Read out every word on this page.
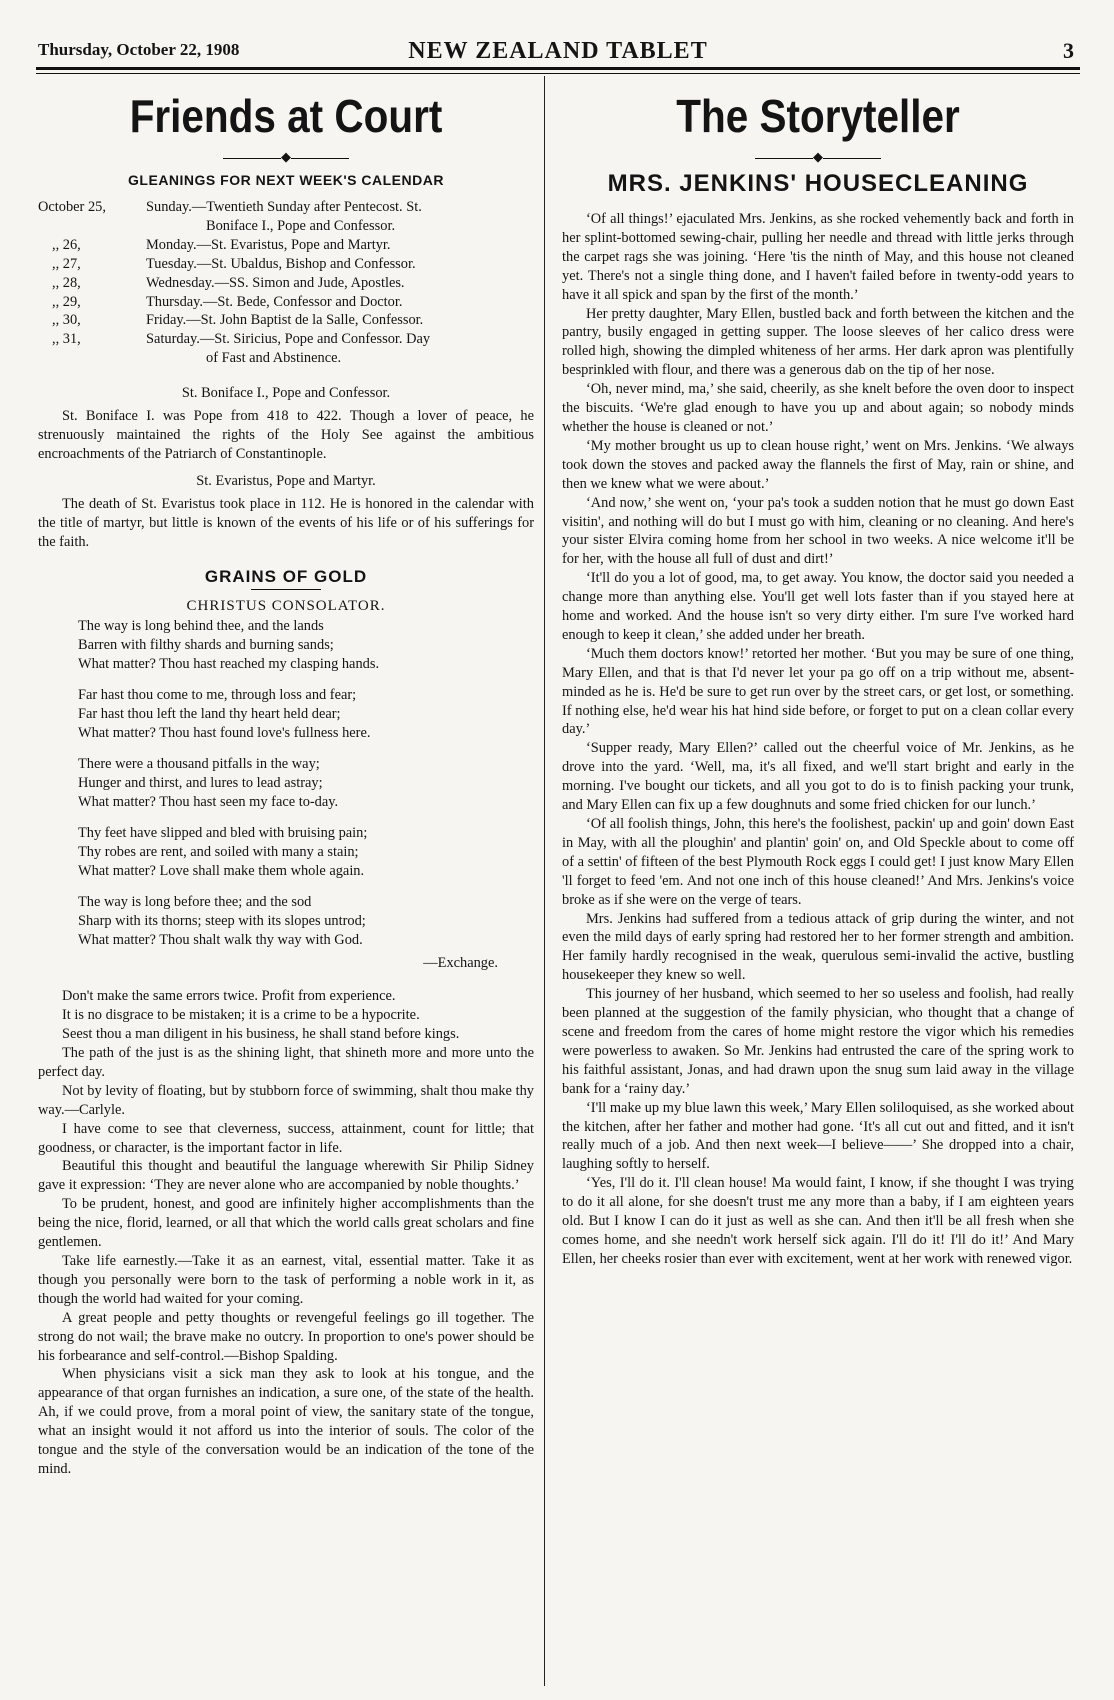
Thursday, October 22, 1908	NEW ZEALAND TABLET	3
Friends at Court
◆
GLEANINGS FOR NEXT WEEK'S CALENDAR
October 25,	Sunday.—Twentieth Sunday after Pentecost. St.
Boniface I., Pope and Confessor.
,, 26,	Monday.—St. Evaristus, Pope and Martyr.
,, 27,	Tuesday.—St. Ubaldus, Bishop and Confessor.
,, 28,	Wednesday.—SS. Simon and Jude, Apostles.
,, 29,	Thursday.—St. Bede, Confessor and Doctor.
,, 30,	Friday.—St. John Baptist de la Salle, Confessor.
,, 31,	Saturday.—St. Siricius, Pope and Confessor. Day
of Fast and Abstinence.

St. Boniface I., Pope and Confessor.

St. Boniface I. was Pope from 418 to 422. Though a lover of peace, he strenuously maintained the rights of the Holy See against the ambitious encroachments of the Patriarch of Constantinople.

St. Evaristus, Pope and Martyr.

The death of St. Evaristus took place in 112. He is honored in the calendar with the title of martyr, but little is known of the events of his life or of his sufferings for the faith.

GRAINS OF GOLD
CHRISTUS CONSOLATOR.
The way is long behind thee, and the lands
Barren with filthy shards and burning sands;
What matter? Thou hast reached my clasping hands.
Far hast thou come to me, through loss and fear;
Far hast thou left the land thy heart held dear;
What matter? Thou hast found love's fullness here.
There were a thousand pitfalls in the way;
Hunger and thirst, and lures to lead astray;
What matter? Thou hast seen my face to-day.
Thy feet have slipped and bled with bruising pain;
Thy robes are rent, and soiled with many a stain;
What matter? Love shall make them whole again.
The way is long before thee; and the sod
Sharp with its thorns; steep with its slopes untrod;
What matter? Thou shalt walk thy way with God.

—Exchange.

Don't make the same errors twice. Profit from experience.

It is no disgrace to be mistaken; it is a crime to be a hypocrite.

Seest thou a man diligent in his business, he shall stand before kings.

The path of the just is as the shining light, that shineth more and more unto the perfect day.

Not by levity of floating, but by stubborn force of swimming, shalt thou make thy way.—Carlyle.

I have come to see that cleverness, success, attainment, count for little; that goodness, or character, is the important factor in life.

Beautiful this thought and beautiful the language wherewith Sir Philip Sidney gave it expression: ‘They are never alone who are accompanied by noble thoughts.’

To be prudent, honest, and good are infinitely higher accomplishments than the being the nice, florid, learned, or all that which the world calls great scholars and fine gentlemen.

Take life earnestly.—Take it as an earnest, vital, essential matter. Take it as though you personally were born to the task of performing a noble work in it, as though the world had waited for your coming.

A great people and petty thoughts or revengeful feelings go ill together. The strong do not wail; the brave make no outcry. In proportion to one's power should be his forbearance and self-control.—Bishop Spalding.

When physicians visit a sick man they ask to look at his tongue, and the appearance of that organ furnishes an indication, a sure one, of the state of the health. Ah, if we could prove, from a moral point of view, the sanitary state of the tongue, what an insight would it not afford us into the interior of souls. The color of the tongue and the style of the conversation would be an indication of the tone of the mind.

The Storyteller
◆
MRS. JENKINS' HOUSECLEANING

‘Of all things!’ ejaculated Mrs. Jenkins, as she rocked vehemently back and forth in her splint-bottomed sewing-chair, pulling her needle and thread with little jerks through the carpet rags she was joining. ‘Here 'tis the ninth of May, and this house not cleaned yet. There's not a single thing done, and I haven't failed before in twenty-odd years to have it all spick and span by the first of the month.’

Her pretty daughter, Mary Ellen, bustled back and forth between the kitchen and the pantry, busily engaged in getting supper. The loose sleeves of her calico dress were rolled high, showing the dimpled whiteness of her arms. Her dark apron was plentifully besprinkled with flour, and there was a generous dab on the tip of her nose.

‘Oh, never mind, ma,’ she said, cheerily, as she knelt before the oven door to inspect the biscuits. ‘We're glad enough to have you up and about again; so nobody minds whether the house is cleaned or not.’

‘My mother brought us up to clean house right,’ went on Mrs. Jenkins. ‘We always took down the stoves and packed away the flannels the first of May, rain or shine, and then we knew what we were about.’

‘And now,’ she went on, ‘your pa's took a sudden notion that he must go down East visitin', and nothing will do but I must go with him, cleaning or no cleaning. And here's your sister Elvira coming home from her school in two weeks. A nice welcome it'll be for her, with the house all full of dust and dirt!’

‘It'll do you a lot of good, ma, to get away. You know, the doctor said you needed a change more than anything else. You'll get well lots faster than if you stayed here at home and worked. And the house isn't so very dirty either. I'm sure I've worked hard enough to keep it clean,’ she added under her breath.

‘Much them doctors know!’ retorted her mother. ‘But you may be sure of one thing, Mary Ellen, and that is that I'd never let your pa go off on a trip without me, absent-minded as he is. He'd be sure to get run over by the street cars, or get lost, or something. If nothing else, he'd wear his hat hind side before, or forget to put on a clean collar every day.’

‘Supper ready, Mary Ellen?’ called out the cheerful voice of Mr. Jenkins, as he drove into the yard. ‘Well, ma, it's all fixed, and we'll start bright and early in the morning. I've bought our tickets, and all you got to do is to finish packing your trunk, and Mary Ellen can fix up a few doughnuts and some fried chicken for our lunch.’

‘Of all foolish things, John, this here's the foolishest, packin' up and goin' down East in May, with all the ploughin' and plantin' goin' on, and Old Speckle about to come off of a settin' of fifteen of the best Plymouth Rock eggs I could get! I just know Mary Ellen 'll forget to feed 'em. And not one inch of this house cleaned!’ And Mrs. Jenkins's voice broke as if she were on the verge of tears.

Mrs. Jenkins had suffered from a tedious attack of grip during the winter, and not even the mild days of early spring had restored her to her former strength and ambition. Her family hardly recognised in the weak, querulous semi-invalid the active, bustling housekeeper they knew so well.

This journey of her husband, which seemed to her so useless and foolish, had really been planned at the suggestion of the family physician, who thought that a change of scene and freedom from the cares of home might restore the vigor which his remedies were powerless to awaken. So Mr. Jenkins had entrusted the care of the spring work to his faithful assistant, Jonas, and had drawn upon the snug sum laid away in the village bank for a ‘rainy day.’

‘I'll make up my blue lawn this week,’ Mary Ellen soliloquised, as she worked about the kitchen, after her father and mother had gone. ‘It's all cut out and fitted, and it isn't really much of a job. And then next week—I believe——’ She dropped into a chair, laughing softly to herself.

‘Yes, I'll do it. I'll clean house! Ma would faint, I know, if she thought I was trying to do it all alone, for she doesn't trust me any more than a baby, if I am eighteen years old. But I know I can do it just as well as she can. And then it'll be all fresh when she comes home, and she needn't work herself sick again. I'll do it! I'll do it!’ And Mary Ellen, her cheeks rosier than ever with excitement, went at her work with renewed vigor.
